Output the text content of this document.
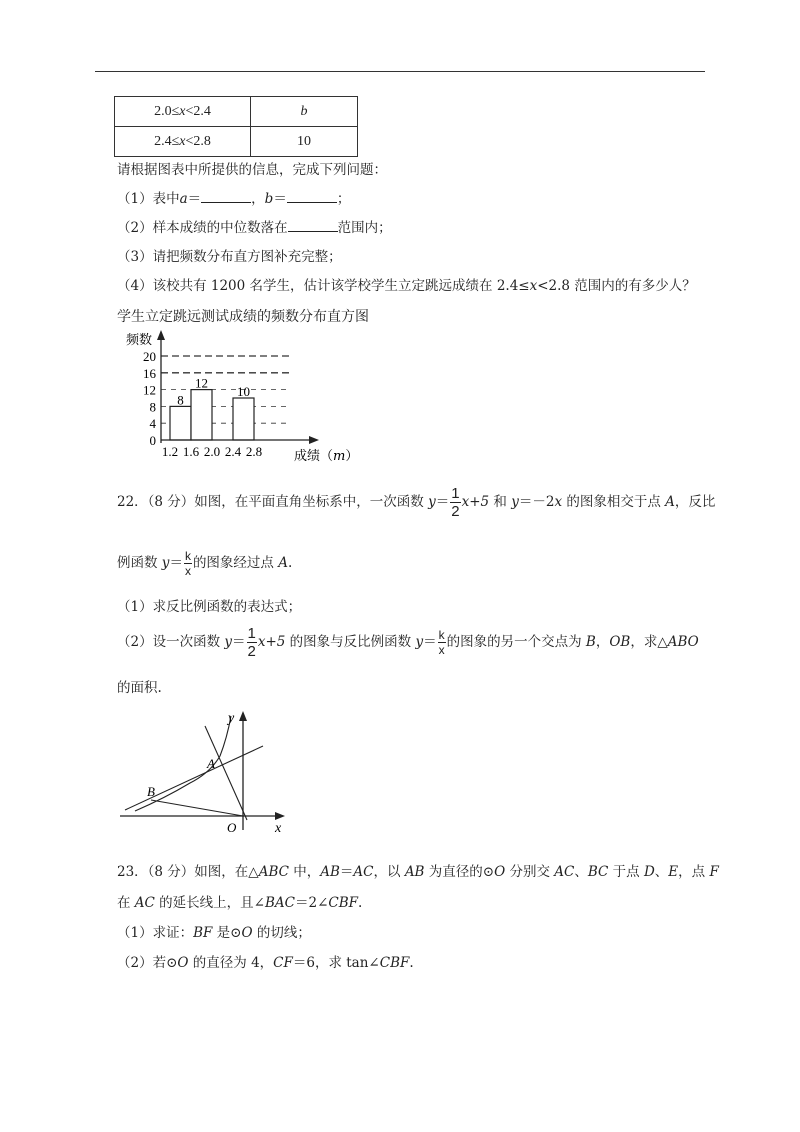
2.0≤x<2.4	b
2.4≤x<2.8	10
请根据图表中所提供的信息，完成下列问题：
（1）表中a＝	，b＝	；
（2）样本成绩的中位数落在	范围内；
（3）请把频数分布直方图补充完整；
（4）该校共有 1200 名学生，估计该学校学生立定跳远成绩在 2.4≤x<2.8 范围内的有多少人？
学生立定跳远测试成绩的频数分布直方图
8
12
10
0
4
8
12
16
20
1.2 1.6 2.0 2.4 2.8
频数
成绩（m）
22．（8 分）如图，在平面直角坐标系中，一次函数 $y= \frac{1}{2} x+5$ 和 y＝－2x 的图象相交于点 A，反比
例函数 $y= \frac{k}{x}$ 的图象经过点 A.
（1）求反比例函数的表达式；
（2）设一次函数 $y= \frac{1}{2} x+5$ 的图象与反比例函数 $y= \frac{k}{x}$ 的图象的另一个交点为 B，OB，求△ABO
的面积.
y
x
A
B
O
23．（8 分）如图，在△ABC 中，AB＝AC，以 AB 为直径的⊙O 分别交 AC、BC 于点 D、E，点 F
在 AC 的延长线上，且∠BAC＝2∠CBF.
（1）求证：BF 是⊙O 的切线；
（2）若⊙O 的直径为 4，CF＝6，求 tan∠CBF.
